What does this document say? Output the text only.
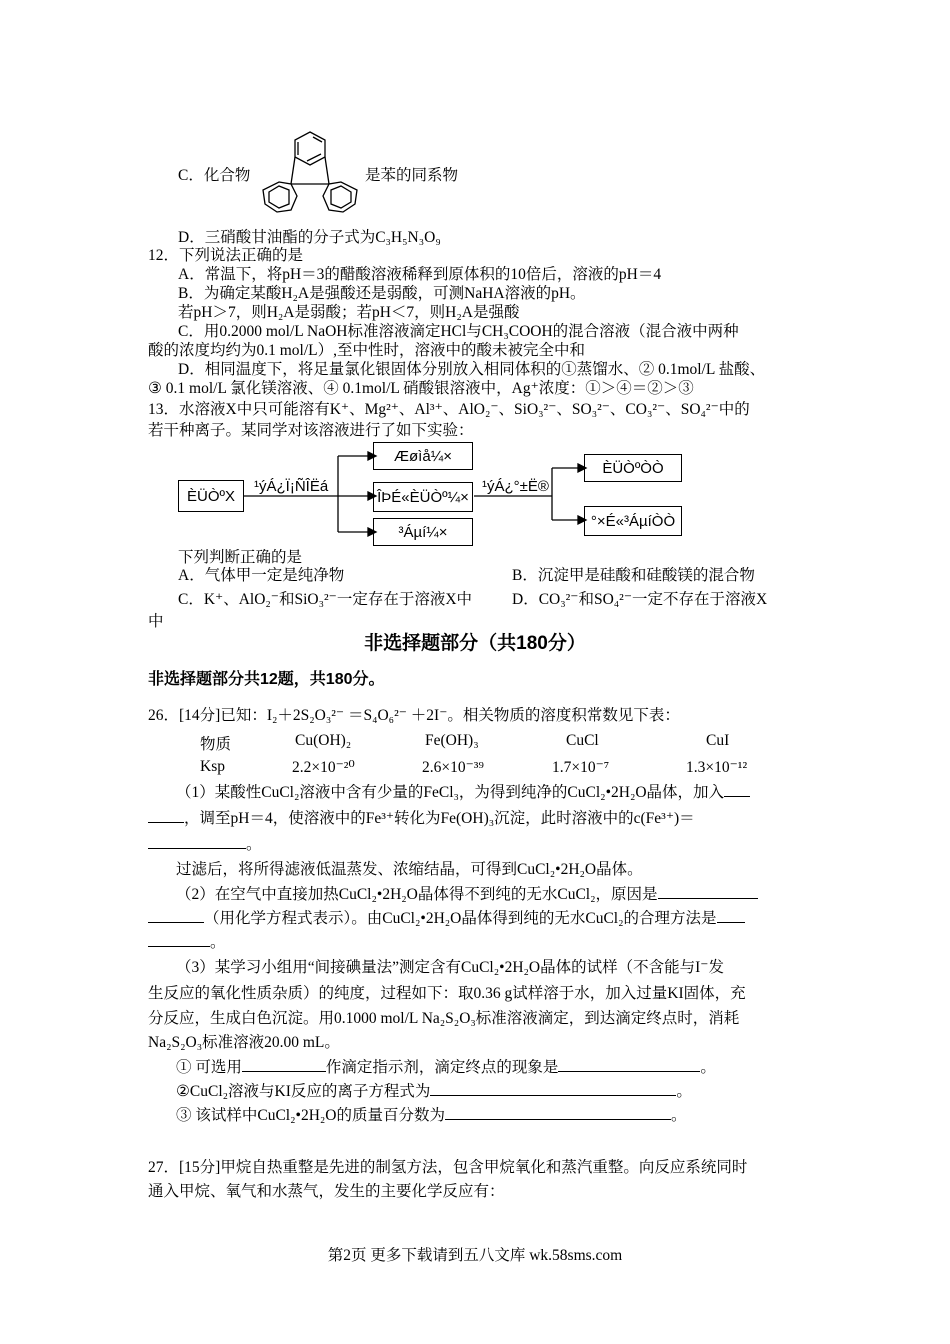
C．化合物	是苯的同系物
D．三硝酸甘油酯的分子式为C₃H₅N₃O₉
12．下列说法正确的是
A．常温下，将pH＝3的醋酸溶液稀释到原体积的10倍后，溶液的pH＝4
B．为确定某酸H₂A是强酸还是弱酸，可测NaHA溶液的pH。
若pH＞7，则H₂A是弱酸；若pH＜7，则H₂A是强酸
C．用0.2000 mol/L NaOH标准溶液滴定HCl与CH₃COOH的混合溶液（混合液中两种
酸的浓度均约为0.1 mol/L）,至中性时，溶液中的酸未被完全中和
D．相同温度下，将足量氯化银固体分别放入相同体积的①蒸馏水、② 0.1mol/L 盐酸、
③ 0.1 mol/L 氯化镁溶液、④ 0.1mol/L 硝酸银溶液中，Ag⁺浓度：①＞④＝②＞③
13．水溶液X中只可能溶有K⁺、Mg²⁺、Al³⁺、AlO₂⁻、SiO₃²⁻、SO₃²⁻、CO₃²⁻、SO₄²⁻中的
若干种离子。某同学对该溶液进行了如下实验：
ÈÜÒºX
¹ýÁ¿Ï¡ÑÎËá
Æøìå¼×
ÎÞÉ«ÈÜÒº¼×
³Áµí¼×
¹ýÁ¿°±Ë®
ÈÜÒºÒÒ
°×É«³ÁµíÒÒ
下列判断正确的是
A．气体甲一定是纯净物	B．沉淀甲是硅酸和硅酸镁的混合物
C．K⁺、AlO₂⁻和SiO₃²⁻一定存在于溶液X中	D．CO₃²⁻和SO₄²⁻一定不存在于溶液X
中
非选择题部分（共180分）
非选择题部分共12题，共180分。
26．[14分]已知：I₂＋2S₂O₃²⁻ ＝S₄O₆²⁻ ＋2I⁻。相关物质的溶度积常数见下表：
物质	Cu(OH)₂	Fe(OH)₃	CuCl	CuI
Ksp	2.2×10⁻²⁰	2.6×10⁻³⁹	1.7×10⁻⁷	1.3×10⁻¹²
（1）某酸性CuCl₂溶液中含有少量的FeCl₃，为得到纯净的CuCl₂•2H₂O晶体，加入
，调至pH＝4，使溶液中的Fe³⁺转化为Fe(OH)₃沉淀，此时溶液中的c(Fe³⁺)＝
。
过滤后，将所得滤液低温蒸发、浓缩结晶，可得到CuCl₂•2H₂O晶体。
（2）在空气中直接加热CuCl₂•2H₂O晶体得不到纯的无水CuCl₂，原因是
（用化学方程式表示）。由CuCl₂•2H₂O晶体得到纯的无水CuCl₂的合理方法是
。
（3）某学习小组用“间接碘量法”测定含有CuCl₂•2H₂O晶体的试样（不含能与I⁻发
生反应的氧化性质杂质）的纯度，过程如下：取0.36 g试样溶于水，加入过量KI固体，充
分反应，生成白色沉淀。用0.1000 mol/L Na₂S₂O₃标准溶液滴定，到达滴定终点时，消耗
Na₂S₂O₃标准溶液20.00 mL。
① 可选用	作滴定指示剂，滴定终点的现象是	。
②CuCl₂溶液与KI反应的离子方程式为	。
③ 该试样中CuCl₂•2H₂O的质量百分数为	。
27．[15分]甲烷自热重整是先进的制氢方法，包含甲烷氧化和蒸汽重整。向反应系统同时
通入甲烷、氧气和水蒸气，发生的主要化学反应有：
第2页 更多下载请到五八文库 wk.58sms.com
